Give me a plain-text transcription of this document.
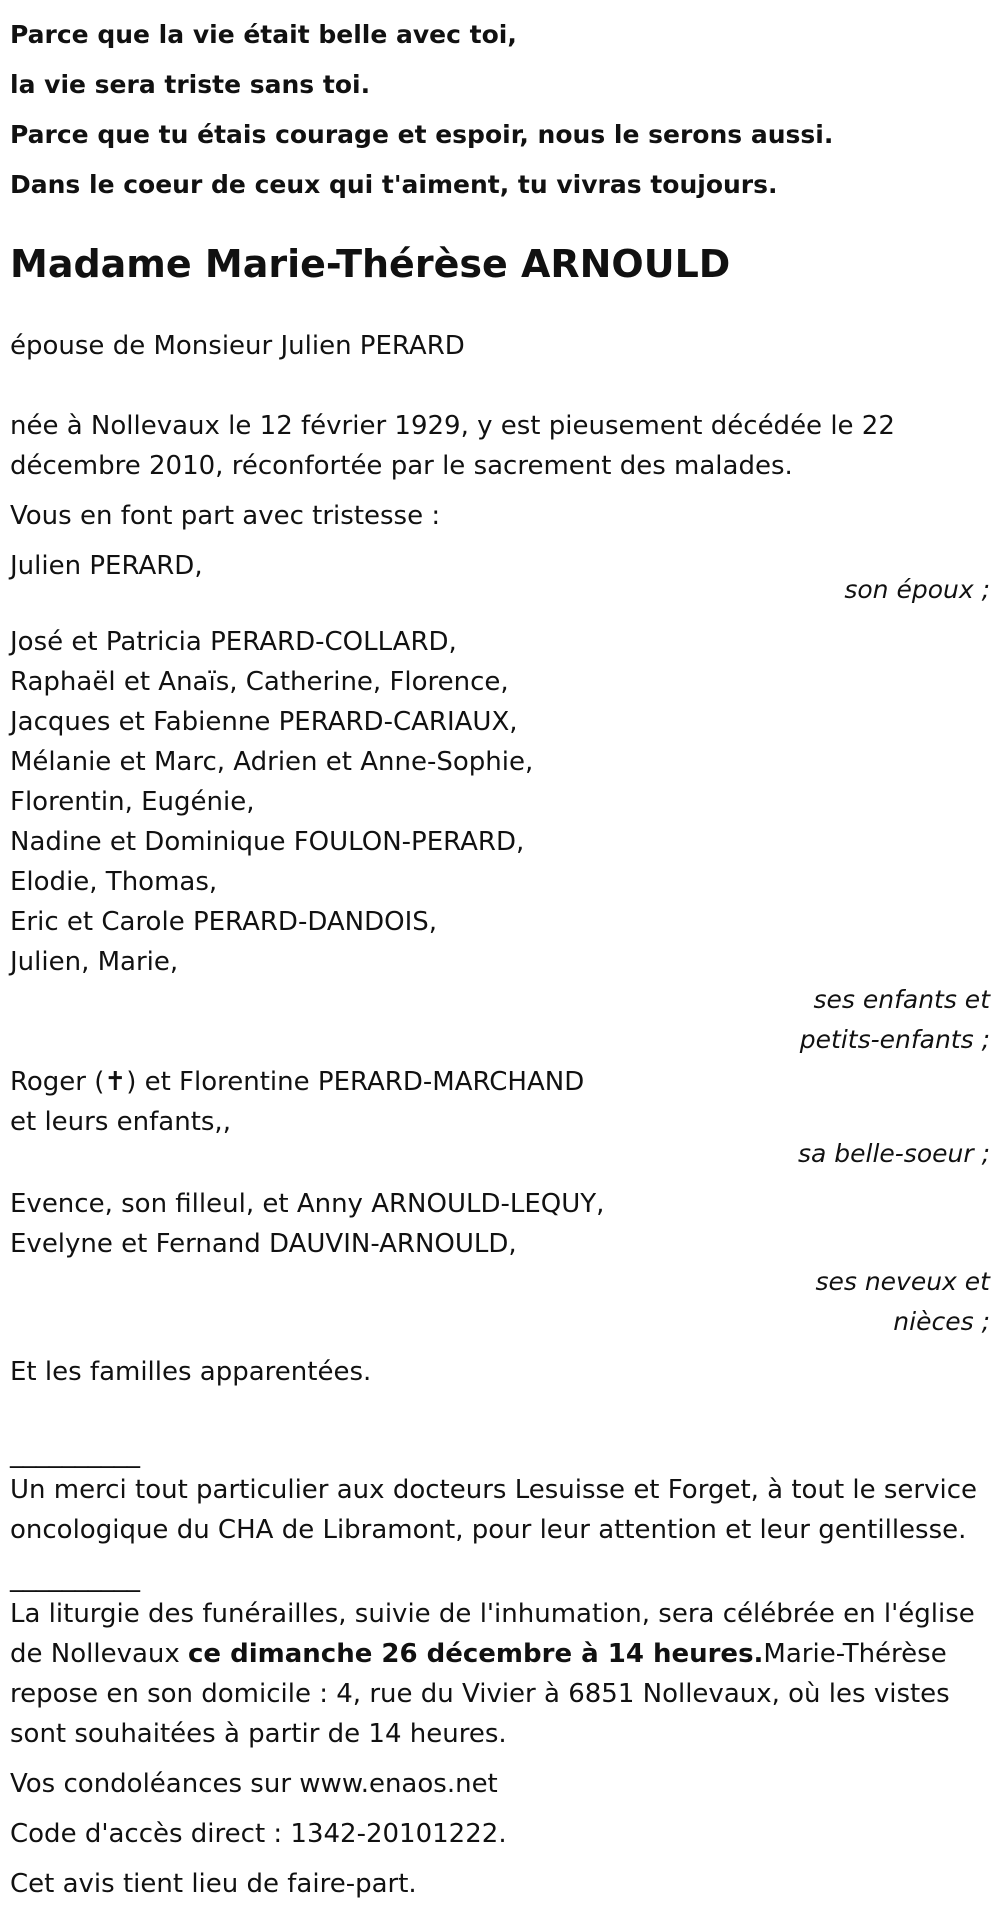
Parce que la vie était belle avec toi,

la vie sera triste sans toi.

Parce que tu étais courage et espoir, nous le serons aussi.

Dans le coeur de ceux qui t'aiment, tu vivras toujours.

Madame Marie-Thérèse ARNOULD

épouse de Monsieur Julien PERARD

née à Nollevaux le 12 février 1929, y est pieusement décédée le 22 décembre 2010, réconfortée par le sacrement des malades.

Vous en font part avec tristesse :

Julien PERARD,
son époux ;
José et Patricia PERARD-COLLARD,
Raphaël et Anaïs, Catherine, Florence,
Jacques et Fabienne PERARD-CARIAUX,
Mélanie et Marc, Adrien et Anne-Sophie,
Florentin, Eugénie,
Nadine et Dominique FOULON-PERARD,
Elodie, Thomas,
Eric et Carole PERARD-DANDOIS,
Julien, Marie,
ses enfants et
petits-enfants ;
Roger (✝) et Florentine PERARD-MARCHAND
et leurs enfants,,
sa belle-soeur ;
Evence, son filleul, et Anny ARNOULD-LEQUY,
Evelyne et Fernand DAUVIN-ARNOULD,
ses neveux et
nièces ;

Et les familles apparentées.

__________

Un merci tout particulier aux docteurs Lesuisse et Forget, à tout le service oncologique du CHA de Libramont, pour leur attention et leur gentillesse.

__________

La liturgie des funérailles, suivie de l'inhumation, sera célébrée en l'église de Nollevaux ce dimanche 26 décembre à 14 heures.Marie-Thérèse repose en son domicile : 4, rue du Vivier à 6851 Nollevaux, où les vistes sont souhaitées à partir de 14 heures.

Vos condoléances sur www.enaos.net

Code d'accès direct : 1342-20101222.

Cet avis tient lieu de faire-part.
